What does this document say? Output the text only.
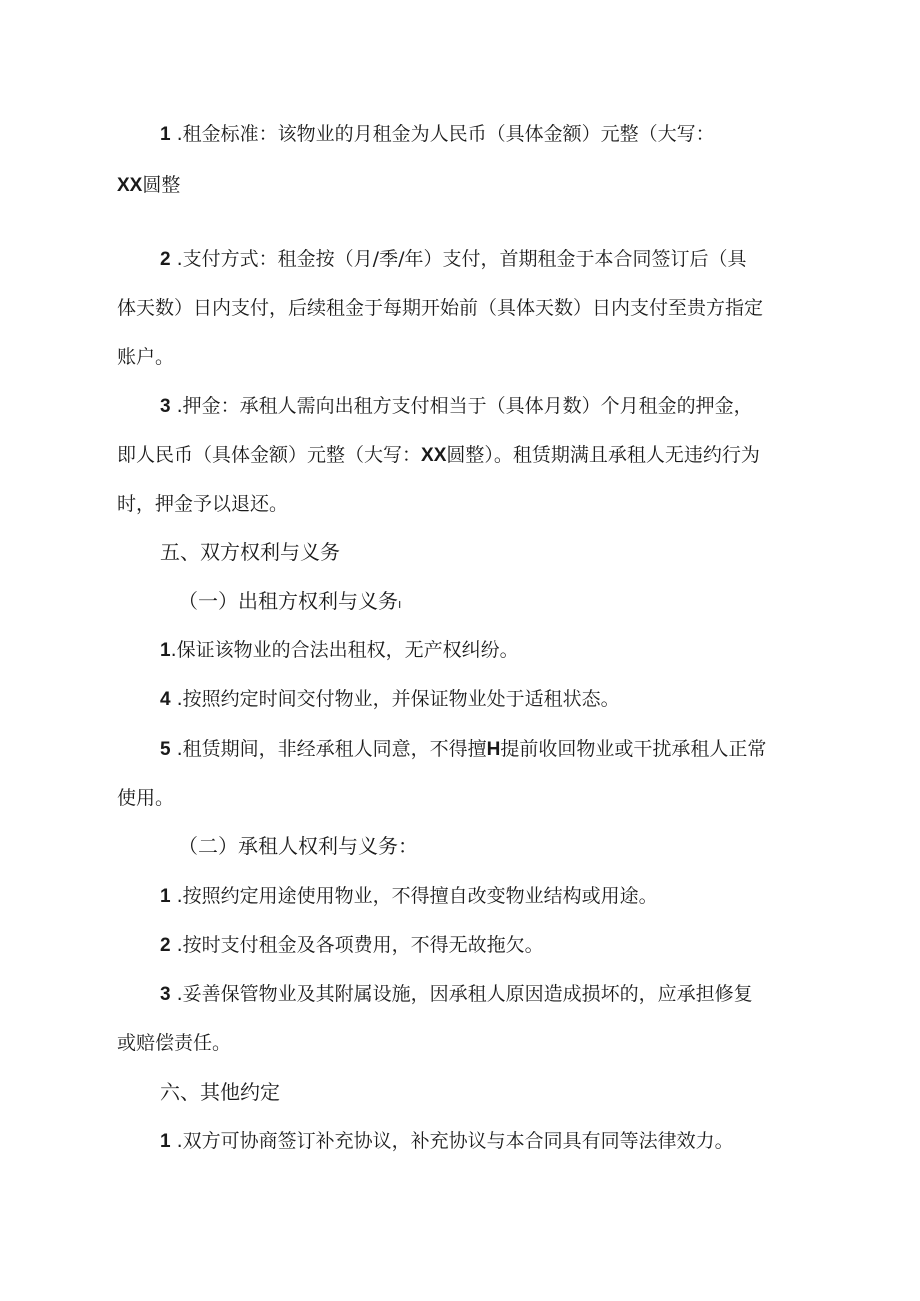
1 .租金标准：该物业的月租金为人民币（具体金额）元整（大写：
XX圆整
2 .支付方式：租金按（月/季/年）支付，首期租金于本合同签订后（具
体天数）日内支付，后续租金于每期开始前（具体天数）日内支付至贵方指定
账户。
3 .押金：承租人需向出租方支付相当于（具体月数）个月租金的押金，
即人民币（具体金额）元整（大写：XX圆整）。租赁期满且承租人无违约行为
时，押金予以退还。
五、双方权利与义务
（一）出租方权利与义务ı
1.保证该物业的合法出租权，无产权纠纷。
4 .按照约定时间交付物业，并保证物业处于适租状态。
5 .租赁期间，非经承租人同意，不得擅H提前收回物业或干扰承租人正常
使用。
（二）承租人权利与义务：
1 .按照约定用途使用物业，不得擅自改变物业结构或用途。
2 .按时支付租金及各项费用，不得无故拖欠。
3 .妥善保管物业及其附属设施，因承租人原因造成损坏的，应承担修复
或赔偿责任。
六、其他约定
1 .双方可协商签订补充协议，补充协议与本合同具有同等法律效力。
